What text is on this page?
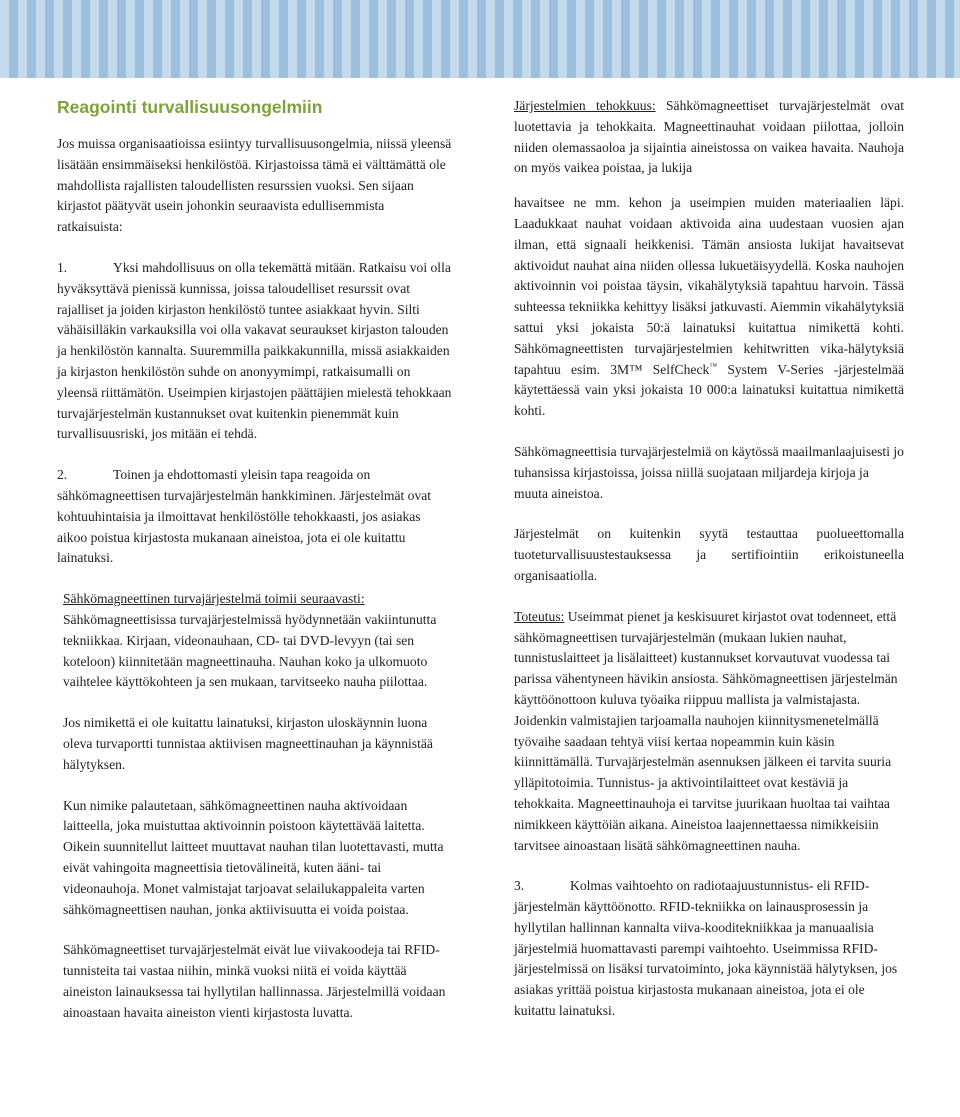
Reagointi turvallisuusongelmiin

Jos muissa organisaatioissa esiintyy turvallisuusongelmia, niissä yleensä lisätään ensimmäiseksi henkilöstöä. Kirjastoissa tämä ei välttämättä ole mahdollista rajallisten taloudellisten resurssien vuoksi. Sen sijaan kirjastot päätyvät usein johonkin seuraavista edullisemmista ratkaisuista:

1.	Yksi mahdollisuus on olla tekemättä mitään. Ratkaisu voi olla hyväksyttävä pienissä kunnissa, joissa taloudelliset resurssit ovat rajalliset ja joiden kirjaston henkilöstö tuntee asiakkaat hyvin. Silti vähäisilläkin varkauksilla voi olla vakavat seuraukset kirjaston talouden ja henkilöstön kannalta. Suuremmilla paikkakunnilla, missä asiakkaiden ja kirjaston henkilöstön suhde on anonyymimpi, ratkaisumalli on yleensä riittämätön. Useimpien kirjastojen päättäjien mielestä tehokkaan turvajärjestelmän kustannukset ovat kuitenkin pienemmät kuin turvallisuusriski, jos mitään ei tehdä.

2.	Toinen ja ehdottomasti yleisin tapa reagoida on sähkömagneettisen turvajärjestelmän hankkiminen. Järjestelmät ovat kohtuuhintaisia ja ilmoittavat henkilöstölle tehokkaasti, jos asiakas aikoo poistua kirjastosta mukanaan aineistoa, jota ei ole kuitattu lainatuksi.

Sähkömagneettinen turvajärjestelmä toimii seuraavasti:

Sähkömagneettisissa turvajärjestelmissä hyödynnetään vakiintunutta tekniikkaa. Kirjaan, videonauhaan, CD- tai DVD-levyyn (tai sen koteloon) kiinnitetään magneettinauha. Nauhan koko ja ulkomuoto vaihtelee käyttökohteen ja sen mukaan, tarvitseeko nauha piilottaa.

Jos nimikettä ei ole kuitattu lainatuksi, kirjaston uloskäynnin luona oleva turvaportti tunnistaa aktiivisen magneettinauhan ja käynnistää hälytyksen.

Kun nimike palautetaan, sähkömagneettinen nauha aktivoidaan laitteella, joka muistuttaa aktivoinnin poistoon käytettävää laitetta. Oikein suunnitellut laitteet muuttavat nauhan tilan luotettavasti, mutta eivät vahingoita magneettisia tietovälineitä, kuten ääni- tai videonauhoja. Monet valmistajat tarjoavat selailukappaleita varten sähkömagneettisen nauhan, jonka aktiivisuutta ei voida poistaa.

Sähkömagneettiset turvajärjestelmät eivät lue viivakoodeja tai RFID-tunnisteita tai vastaa niihin, minkä vuoksi niitä ei voida käyttää aineiston lainauksessa tai hyllytilan hallinnassa. Järjestelmillä voidaan ainoastaan havaita aineiston vienti kirjastosta luvatta.

Järjestelmien tehokkuus: Sähkömagneettiset turvajärjestelmät ovat luotettavia ja tehokkaita. Magneettinauhat voidaan piilottaa, jolloin niiden olemassaoloa ja sijaintia aineistossa on vaikea havaita. Nauhoja on myös vaikea poistaa, ja lukija

havaitsee ne mm. kehon ja useimpien muiden materiaalien läpi. Laadukkaat nauhat voidaan aktivoida aina uudestaan vuosien ajan ilman, että signaali heikkenisi. Tämän ansiosta lukijat havaitsevat aktivoidut nauhat aina niiden ollessa lukuetäisyydellä. Koska nauhojen aktivoinnin voi poistaa täysin, vikahälytyksiä tapahtuu harvoin. Tässä suhteessa tekniikka kehittyy lisäksi jatkuvasti. Aiemmin vikahälytyksiä sattui yksi jokaista 50:ä lainatuksi kuitattua nimikettä kohti. Sähkömagneettisten turvajärjestelmien kehitwritten vika-hälytyksiä tapahtuu esim. 3M™ SelfCheck™ System V-Series -järjestelmää käytettäessä vain yksi jokaista 10 000:a lainatuksi kuitattua nimikettä kohti.

Sähkömagneettisia turvajärjestelmiä on käytössä maailmanlaajuisesti jo tuhansissa kirjastoissa, joissa niillä suojataan miljardeja kirjoja ja muuta aineistoa.

Järjestelmät on kuitenkin syytä testauttaa puolueettomalla tuoteturvallisuustestauksessa ja sertifiointiin erikoistuneella organisaatiolla.

Toteutus: Useimmat pienet ja keskisuuret kirjastot ovat todenneet, että sähkömagneettisen turvajärjestelmän (mukaan lukien nauhat, tunnistuslaitteet ja lisälaitteet) kustannukset korvautuvat vuodessa tai parissa vähentyneen hävikin ansiosta. Sähkömagneettisen järjestelmän käyttöönottoon kuluva työaika riippuu mallista ja valmistajasta. Joidenkin valmistajien tarjoamalla nauhojen kiinnitysmenetelmällä työvaihe saadaan tehtyä viisi kertaa nopeammin kuin käsin kiinnittämällä. Turvajärjestelmän asennuksen jälkeen ei tarvita suuria ylläpitotoimia. Tunnistus- ja aktivointilaitteet ovat kestäviä ja tehokkaita. Magneettinauhoja ei tarvitse juurikaan huoltaa tai vaihtaa nimikkeen käyttöiän aikana. Aineistoa laajennettaessa nimikkeisiin tarvitsee ainoastaan lisätä sähkömagneettinen nauha.

3.	Kolmas vaihtoehto on radiotaajuustunnistus- eli RFID-järjestelmän käyttöönotto. RFID-tekniikka on lainausprosessin ja hyllytilan hallinnan kannalta viiva-kooditekniikkaa ja manuaalisia järjestelmiä huomattavasti parempi vaihtoehto. Useimmissa RFID-järjestelmissä on lisäksi turvatoiminto, joka käynnistää hälytyksen, jos asiakas yrittää poistua kirjastosta mukanaan aineistoa, jota ei ole kuitattu lainatuksi.
